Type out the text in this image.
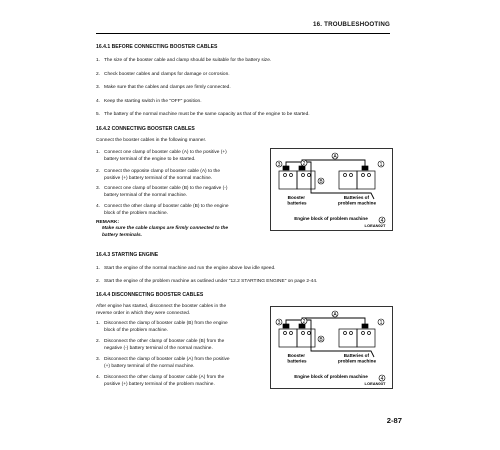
16. TROUBLESHOOTING
16.4.1 BEFORE CONNECTING BOOSTER CABLES
1. The size of the booster cable and clamp should be suitable for the battery size.
2. Check booster cables and clamps for damage or corrosion.
3. Make sure that the cables and clamps are firmly connected.
4. Keep the starting switch in the "OFF" position.
5. The battery of the normal machine must be the same capacity as that of the engine to be started.
16.4.2 CONNECTING BOOSTER CABLES
Connect the booster cables in the following manner.
1. Connect one clamp of booster cable (A) to the positive (+)
battery terminal of the engine to be started.
2. Connect the opposite clamp of booster cable (A) to the
positive (+) battery terminal of the normal machine.
3. Connect one clamp of booster cable (B) to the negative (-)
battery terminal of the normal machine.
4. Connect the other clamp of booster cable (B) to the engine
block of the problem machine.
REMARK:
Make sure the cable clamps are firmly connected to the
battery terminals.
A
B
1
2
3
4
Booster batteries
Batteries of problem machine
Engine block of problem machine
LOEAN02T
16.4.3 STARTING ENGINE
1. Start the engine of the normal machine and run the engine above low idle speed.
2. Start the engine of the problem machine as outlined under "12.2 STARTING ENGINE" on page 2-44.
16.4.4 DISCONNECTING BOOSTER CABLES
After engine has started, disconnect the booster cables in the
reverse order in which they were connected.
1. Disconnect the clamp of booster cable (B) from the engine
block of the problem machine.
2. Disconnect the other clamp of booster cable (B) from the
negative (-) battery terminal of the normal machine.
3. Disconnect the clamp of booster cable (A) from the positive
(+) battery terminal of the normal machine.
4. Disconnect the other clamp of booster cable (A) from the
positive (+) battery terminal of the problem machine.
A
B
1
2
3
4
Booster batteries
Batteries of problem machine
Engine block of problem machine
LOEAN03T
2-87
